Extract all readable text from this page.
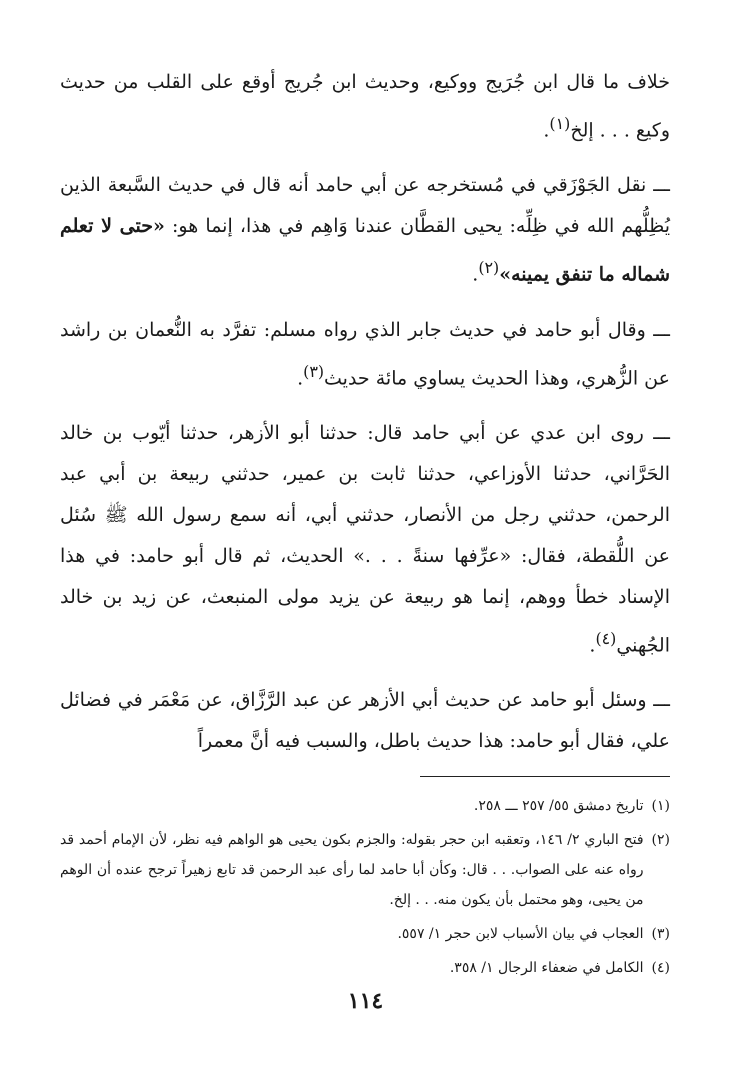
خلاف ما قال ابن جُرَيج ووكيع، وحديث ابن جُريج أوقع على القلب من حديث وكيع . . . إلخ$^{(١)}$.

ـــ نقل الجَوْزَقي في مُستخرجه عن أبي حامد أنه قال في حديث السَّبعة الذين يُظِلُّهم الله في ظِلِّه: يحيى القطَّان عندنا وَاهِم في هذا، إنما هو: «حتى لا تعلم شماله ما تنفق يمينه»$^{(٢)}$.

ـــ وقال أبو حامد في حديث جابر الذي رواه مسلم: تفرَّد به النُّعمان بن راشد عن الزُّهري، وهذا الحديث يساوي مائة حديث$^{(٣)}$.

ـــ روى ابن عدي عن أبي حامد قال: حدثنا أبو الأزهر، حدثنا أيّوب بن خالد الحَرَّاني، حدثنا الأوزاعي، حدثنا ثابت بن عمير، حدثني ربيعة بن أبي عبد الرحمن، حدثني رجل من الأنصار، حدثني أبي، أنه سمع رسول الله ﷺ سُئل عن اللُّقطة، فقال: «عرِّفها سنةً . . .» الحديث، ثم قال أبو حامد: في هذا الإسناد خطأ ووهم، إنما هو ربيعة عن يزيد مولى المنبعث، عن زيد بن خالد الجُهني$^{(٤)}$.

ـــ وسئل أبو حامد عن حديث أبي الأزهر عن عبد الرَّزَّاق، عن مَعْمَر في فضائل علي، فقال أبو حامد: هذا حديث باطل، والسبب فيه أنَّ معمراً

(١)
تاريخ دمشق ٥٥/ ٢٥٧ ـــ ٢٥٨.
(٢)
فتح الباري ٢/ ١٤٦، وتعقبه ابن حجر بقوله: والجزم بكون يحيى هو الواهم فيه نظر، لأن الإمام أحمد قد رواه عنه على الصواب. . . قال: وكأن أبا حامد لما رأى عبد الرحمن قد تابع زهيراً ترجح عنده أن الوهم من يحيى، وهو محتمل بأن يكون منه. . . إلخ.
(٣)
العجاب في بيان الأسباب لابن حجر ١/ ٥٥٧.
(٤)
الكامل في ضعفاء الرجال ١/ ٣٥٨.
١١٤
